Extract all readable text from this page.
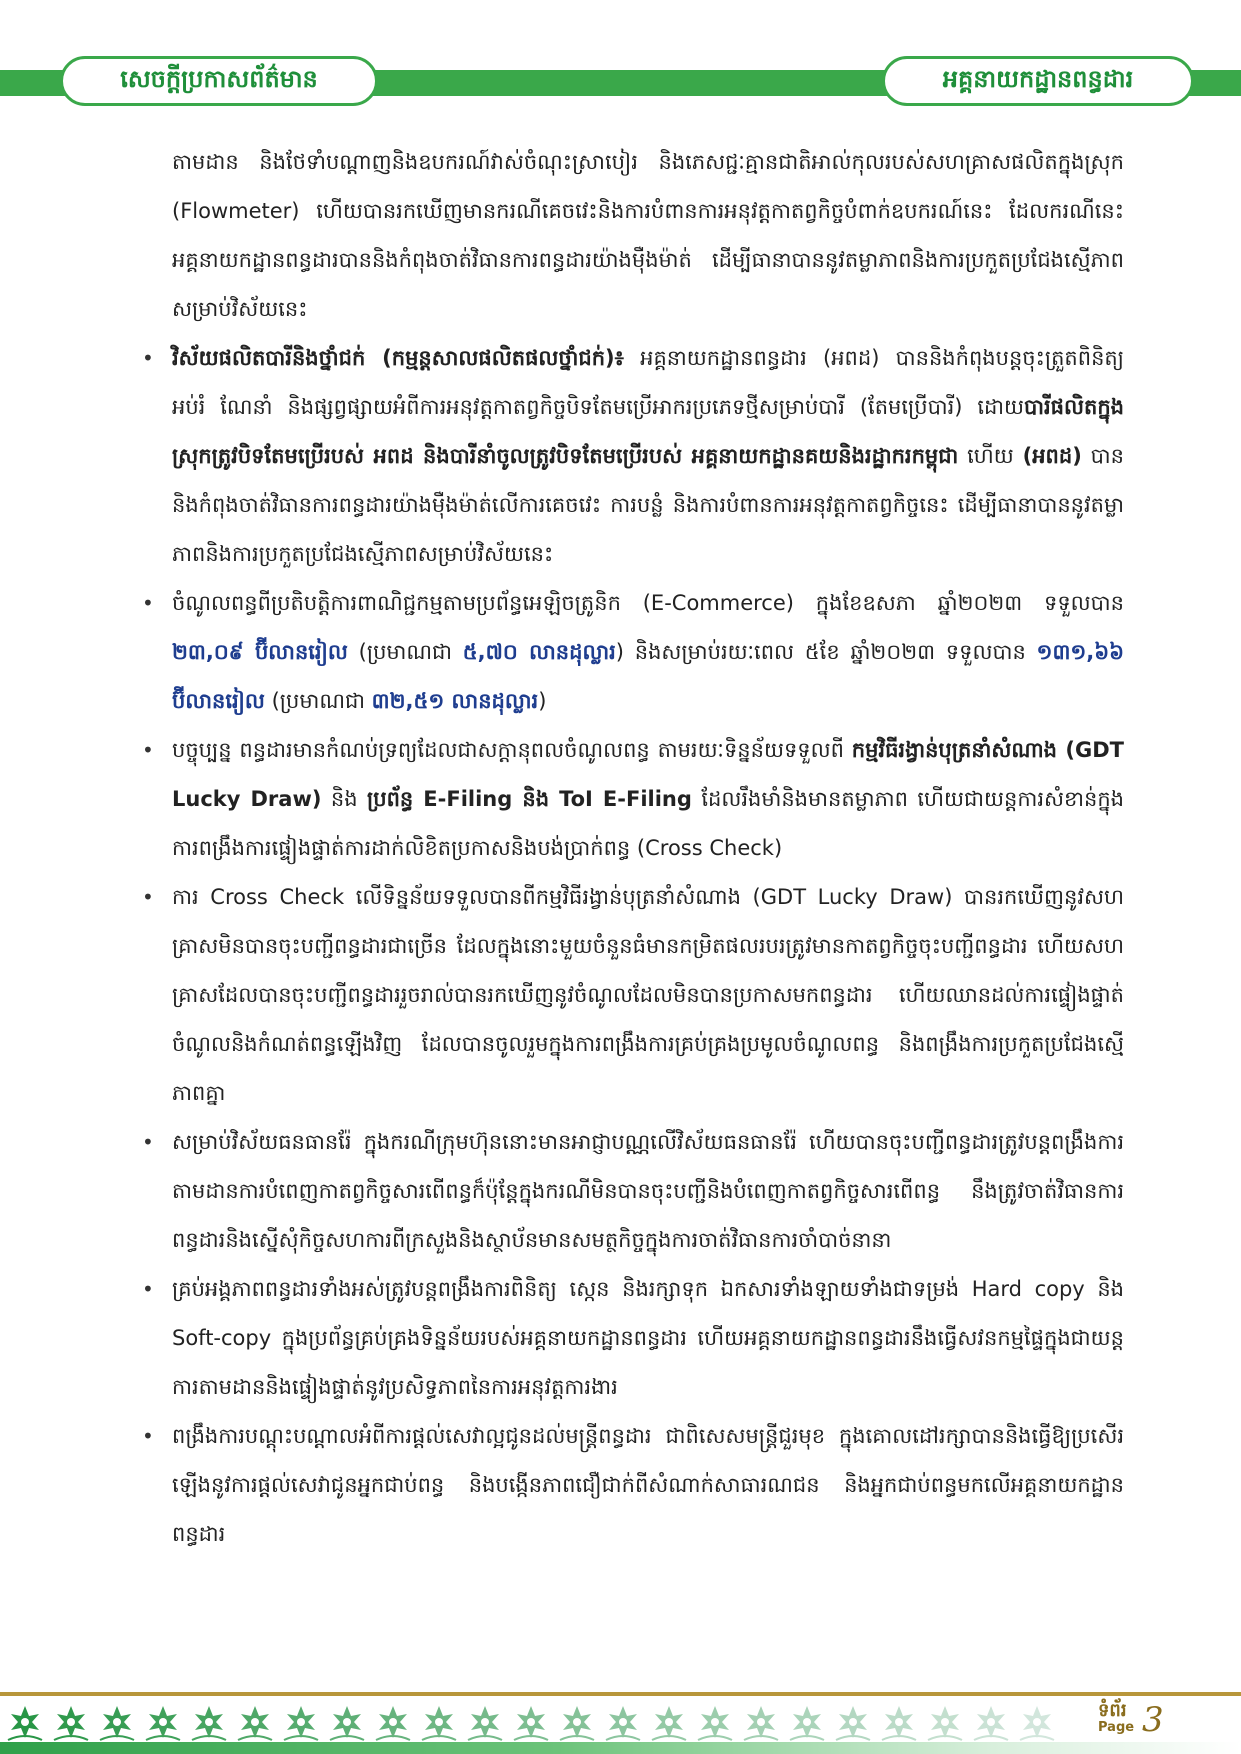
សេចក្តីប្រកាសព័ត៌មាន	អគ្គនាយកដ្ឋានពន្ធដារ

តាមដាន និងថែទាំបណ្ដាញនិងឧបករណ៍វាស់ចំណុះស្រាបៀរ និងភេសជ្ជៈគ្មានជាតិអាល់កុលរបស់សហគ្រាសផលិតក្នុងស្រុក (Flowmeter) ហើយបានរកឃើញមានករណីគេចវេះនិងការបំពានការអនុវត្តកាតព្វកិច្ចបំពាក់ឧបករណ៍នេះ ដែលករណីនេះអគ្គនាយកដ្ឋានពន្ធដារបាននិងកំពុងចាត់វិធានការពន្ធដារយ៉ាងម៉ឺងម៉ាត់ ដើម្បីធានាបាននូវតម្លាភាពនិងការប្រកួតប្រជែងស្មើភាពសម្រាប់វិស័យនេះ

• វិស័យផលិតបារីនិងថ្នាំជក់ (កម្មន្តសាលផលិតផលថ្នាំជក់)៖ អគ្គនាយកដ្ឋានពន្ធដារ (អពដ) បាននិងកំពុងបន្តចុះត្រួតពិនិត្យ អប់រំ ណែនាំ និងផ្សព្វផ្សាយអំពីការអនុវត្តកាតព្វកិច្ចបិទតែមប្រើអាករប្រភេទថ្មីសម្រាប់បារី (តែមប្រើបារី) ដោយបារីផលិតក្នុងស្រុកត្រូវបិទតែមប្រើរបស់ អពដ និងបារីនាំចូលត្រូវបិទតែមប្រើរបស់ អគ្គនាយកដ្ឋានគយនិងរដ្ឋាករកម្ពុជា ហើយ (អពដ) បាននិងកំពុងចាត់វិធានការពន្ធដារយ៉ាងម៉ឺងម៉ាត់លើការគេចវេះ ការបន្លំ និងការបំពានការអនុវត្តកាតព្វកិច្ចនេះ ដើម្បីធានាបាននូវតម្លាភាពនិងការប្រកួតប្រជែងស្មើភាពសម្រាប់វិស័យនេះ
• ចំណូលពន្ធពីប្រតិបត្តិការពាណិជ្ជកម្មតាមប្រព័ន្ធអេឡិចត្រូនិក (E-Commerce) ក្នុងខែឧសភា ឆ្នាំ២០២៣ ទទួលបាន ២៣,០៩ ប៊ីលានរៀល (ប្រមាណជា ៥,៧០ លានដុល្លារ) និងសម្រាប់រយៈពេល ៥ខែ ឆ្នាំ២០២៣ ទទួលបាន ១៣១,៦៦ ប៊ីលានរៀល (ប្រមាណជា ៣២,៥១ លានដុល្លារ)
• បច្ចុប្បន្ន ពន្ធដារមានកំណប់ទ្រព្យដែលជាសក្តានុពលចំណូលពន្ធ តាមរយៈទិន្នន័យទទួលពី កម្មវិធីរង្វាន់បុត្រនាំសំណាង (GDT Lucky Draw) និង ប្រព័ន្ធ E-Filing និង ToI E-Filing ដែលរឹងមាំនិងមានតម្លាភាព ហើយជាយន្តការសំខាន់ក្នុងការពង្រឹងការផ្ទៀងផ្ទាត់ការដាក់លិខិតប្រកាសនិងបង់ប្រាក់ពន្ធ (Cross Check)
• ការ Cross Check លើទិន្នន័យទទួលបានពីកម្មវិធីរង្វាន់បុត្រនាំសំណាង (GDT Lucky Draw) បានរកឃើញនូវសហគ្រាសមិនបានចុះបញ្ជីពន្ធដារជាច្រើន ដែលក្នុងនោះមួយចំនួនធំមានកម្រិតផលរបរត្រូវមានកាតព្វកិច្ចចុះបញ្ជីពន្ធដារ ហើយសហគ្រាសដែលបានចុះបញ្ជីពន្ធដាររួចរាល់បានរកឃើញនូវចំណូលដែលមិនបានប្រកាសមកពន្ធដារ ហើយឈានដល់ការផ្ទៀងផ្ទាត់ចំណូលនិងកំណត់ពន្ធឡើងវិញ ដែលបានចូលរួមក្នុងការពង្រឹងការគ្រប់គ្រងប្រមូលចំណូលពន្ធ និងពង្រឹងការប្រកួតប្រជែងស្មើភាពគ្នា
• សម្រាប់វិស័យធនធានរ៉ែ ក្នុងករណីក្រុមហ៊ុននោះមានអាជ្ញាបណ្ណលើវិស័យធនធានរ៉ែ ហើយបានចុះបញ្ជីពន្ធដារត្រូវបន្តពង្រឹងការតាមដានការបំពេញកាតព្វកិច្ចសារពើពន្ធក៏ប៉ុន្តែក្នុងករណីមិនបានចុះបញ្ជីនិងបំពេញកាតព្វកិច្ចសារពើពន្ធ នឹងត្រូវចាត់វិធានការពន្ធដារនិងស្នើសុំកិច្ចសហការពីក្រសួងនិងស្ថាប័នមានសមត្ថកិច្ចក្នុងការចាត់វិធានការចាំបាច់នានា
• គ្រប់អង្គភាពពន្ធដារទាំងអស់ត្រូវបន្តពង្រឹងការពិនិត្យ ស្កេន និងរក្សាទុក ឯកសារទាំងឡាយទាំងជាទម្រង់ Hard copy និង Soft-copy ក្នុងប្រព័ន្ធគ្រប់គ្រងទិន្នន័យរបស់អគ្គនាយកដ្ឋានពន្ធដារ ហើយអគ្គនាយកដ្ឋានពន្ធដារនឹងធ្វើសវនកម្មផ្ទៃក្នុងជាយន្តការតាមដាននិងផ្ទៀងផ្ទាត់នូវប្រសិទ្ធភាពនៃការអនុវត្តការងារ
• ពង្រឹងការបណ្តុះបណ្តាលអំពីការផ្តល់សេវាល្អជូនដល់មន្ត្រីពន្ធដារ ជាពិសេសមន្ត្រីជួរមុខ ក្នុងគោលដៅរក្សាបាននិងធ្វើឱ្យប្រសើរឡើងនូវការផ្តល់សេវាជូនអ្នកជាប់ពន្ធ និងបង្កើនភាពជឿជាក់ពីសំណាក់សាធារណជន និងអ្នកជាប់ពន្ធមកលើអគ្គនាយកដ្ឋានពន្ធដារ
ទំព័រ
Page 3
